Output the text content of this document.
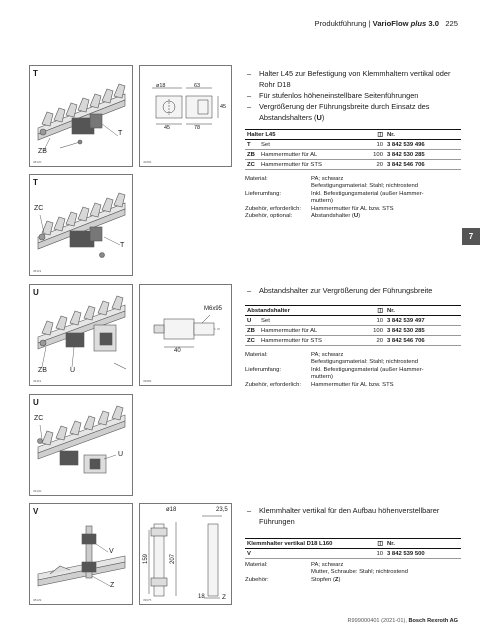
Produktführung | VarioFlow plus 3.0 225
7
T
ZB
T
38120
ø18	63
45	78
45
40066
T
ZC
T
38119
– Halter L45 zur Befestigung von Klemmhaltern vertikal oder Rohr D18
– Für stufenlos höheneinstellbare Seitenführungen
– Vergrößerung der Führungsbreite durch Einsatz des Abstandshalters (U)
Halter L45		◫	Nr.
T	Set	10	3 842 539 496
ZB	Hammermutter für AL	100	3 842 530 285
ZC	Hammermutter für STS	20	3 842 546 706
Material:	PA; schwarz
Befestigungsmaterial: Stahl; nichtrostend
Lieferumfang:	Inkl. Befestigungsmaterial (außer Hammer-
muttern)
Zubehör, erforderlich:	Hammermutter für AL bzw. STS
Zubehör, optional:	Abstandshalter (U)
U
ZB	U
39119
M6x95
40
39983
U
ZC
U
39120
– Abstandshalter zur Vergrößerung der Führungsbreite
Abstandshalter		◫	Nr.
U	Set	10	3 842 539 497
ZB	Hammermutter für AL	100	3 842 530 285
ZC	Hammermutter für STS	20	3 842 546 706
Material:	PA; schwarz
Befestigungsmaterial: Stahl; nichtrostend
Lieferumfang:	Inkl. Befestigungsmaterial (außer Hammer-
muttern)
Zubehör, erforderlich:	Hammermutter für AL bzw. STS
V
V
Z
38129
ø18	23,5
159	207
18	Z
39975
– Klemmhalter vertikal für den Aufbau höhenverstellbarer Führungen
Klemmhalter vertikal D18 L160		◫	Nr.
V		10	3 842 539 500
Material:	PA; schwarz
Mutter, Schraube: Stahl; nichtrostend
Zubehör:	Stopfen (Z)
R999000401 (2021-01), Bosch Rexroth AG
